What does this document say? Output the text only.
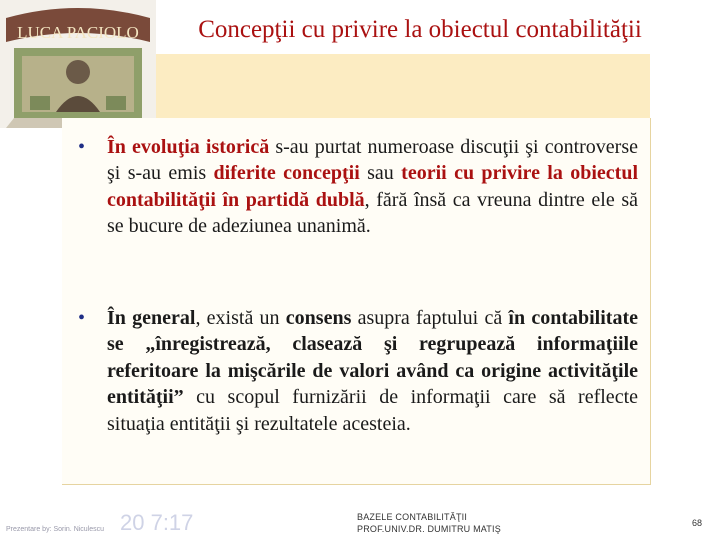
LUCA PACIOLO	Concepţii cu privire la obiectul contabilităţii
• În evoluţia istorică s‑au purtat numeroase discuţii şi controverse şi s‑au emis diferite concepţii sau teorii cu privire la obiectul contabilităţii în partidă dublă, fără însă ca vreuna dintre ele să se bucure de adeziunea unanimă.
• În general, există un consens asupra faptului că în contabilitate se „înregistrează, clasează şi regrupează informaţiile referitoare la mişcările de valori având ca origine activităţile entităţii” cu scopul furnizării de informaţii care să reflecte situaţia entităţii şi rezultatele acesteia.
Prezentare by: Sorin. Niculescu 20 7:17	BAZELE CONTABILITĂŢII
PROF.UNIV.DR. DUMITRU MATIŞ
68
